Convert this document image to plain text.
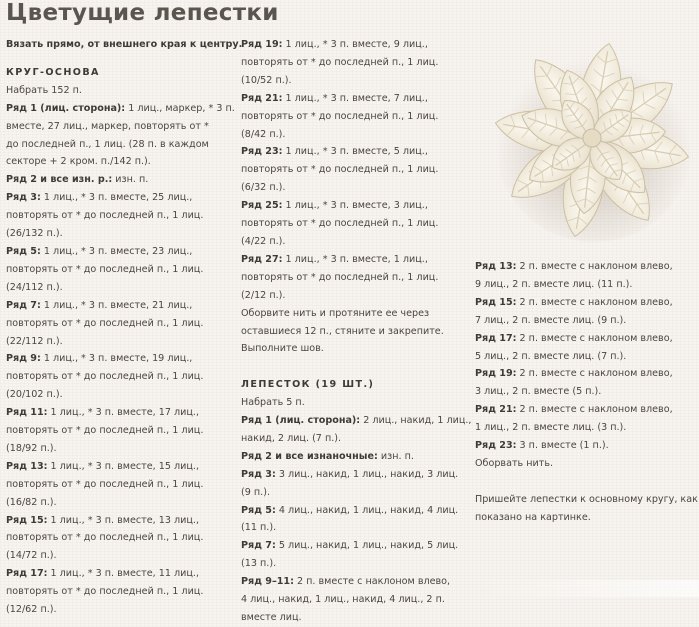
Цветущие лепестки

Вязать прямо, от внешнего края к центру.

КРУГ-ОСНОВА

Набрать 152 п.

Ряд 1 (лиц. сторона): 1 лиц., маркер, * 3 п.

вместе, 27 лиц., маркер, повторять от *

до последней п., 1 лиц. (28 п. в каждом

секторе + 2 кром. п./142 п.).

Ряд 2 и все изн. р.: изн. п.

Ряд 3: 1 лиц., * 3 п. вместе, 25 лиц.,

повторять от * до последней п., 1 лиц.

(26/132 п.).

Ряд 5: 1 лиц., * 3 п. вместе, 23 лиц.,

повторять от * до последней п., 1 лиц.

(24/112 п.).

Ряд 7: 1 лиц., * 3 п. вместе, 21 лиц.,

повторять от * до последней п., 1 лиц.

(22/112 п.).

Ряд 9: 1 лиц., * 3 п. вместе, 19 лиц.,

повторять от * до последней п., 1 лиц.

(20/102 п.).

Ряд 11: 1 лиц., * 3 п. вместе, 17 лиц.,

повторять от * до последней п., 1 лиц.

(18/92 п.).

Ряд 13: 1 лиц., * 3 п. вместе, 15 лиц.,

повторять от * до последней п., 1 лиц.

(16/82 п.).

Ряд 15: 1 лиц., * 3 п. вместе, 13 лиц.,

повторять от * до последней п., 1 лиц.

(14/72 п.).

Ряд 17: 1 лиц., * 3 п. вместе, 11 лиц.,

повторять от * до последней п., 1 лиц.

(12/62 п.).

Ряд 19: 1 лиц., * 3 п. вместе, 9 лиц.,

повторять от * до последней п., 1 лиц.

(10/52 п.).

Ряд 21: 1 лиц., * 3 п. вместе, 7 лиц.,

повторять от * до последней п., 1 лиц.

(8/42 п.).

Ряд 23: 1 лиц., * 3 п. вместе, 5 лиц.,

повторять от * до последней п., 1 лиц.

(6/32 п.).

Ряд 25: 1 лиц., * 3 п. вместе, 3 лиц.,

повторять от * до последней п., 1 лиц.

(4/22 п.).

Ряд 27: 1 лиц., * 3 п. вместе, 1 лиц.,

повторять от * до последней п., 1 лиц.

(2/12 п.).

Оборвите нить и протяните ее через

оставшиеся 12 п., стяните и закрепите.

Выполните шов.

ЛЕПЕСТОК (19 ШТ.)

Набрать 5 п.

Ряд 1 (лиц. сторона): 2 лиц., накид, 1 лиц.,

накид, 2 лиц. (7 п.).

Ряд 2 и все изнаночные: изн. п.

Ряд 3: 3 лиц., накид, 1 лиц., накид, 3 лиц.

(9 п.).

Ряд 5: 4 лиц., накид, 1 лиц., накид, 4 лиц.

(11 п.).

Ряд 7: 5 лиц., накид, 1 лиц., накид, 5 лиц.

(13 п.).

Ряд 9–11: 2 п. вместе с наклоном влево,

4 лиц., накид, 1 лиц., накид, 4 лиц., 2 п.

вместе лиц.

Ряд 13: 2 п. вместе с наклоном влево,

9 лиц., 2 п. вместе лиц. (11 п.).

Ряд 15: 2 п. вместе с наклоном влево,

7 лиц., 2 п. вместе лиц. (9 п.).

Ряд 17: 2 п. вместе с наклоном влево,

5 лиц., 2 п. вместе лиц. (7 п.).

Ряд 19: 2 п. вместе с наклоном влево,

3 лиц., 2 п. вместе (5 п.).

Ряд 21: 2 п. вместе с наклоном влево,

1 лиц., 2 п. вместе лиц. (3 п.).

Ряд 23: 3 п. вместе (1 п.).

Оборвать нить.

Пришейте лепестки к основному кругу, как

показано на картинке.
